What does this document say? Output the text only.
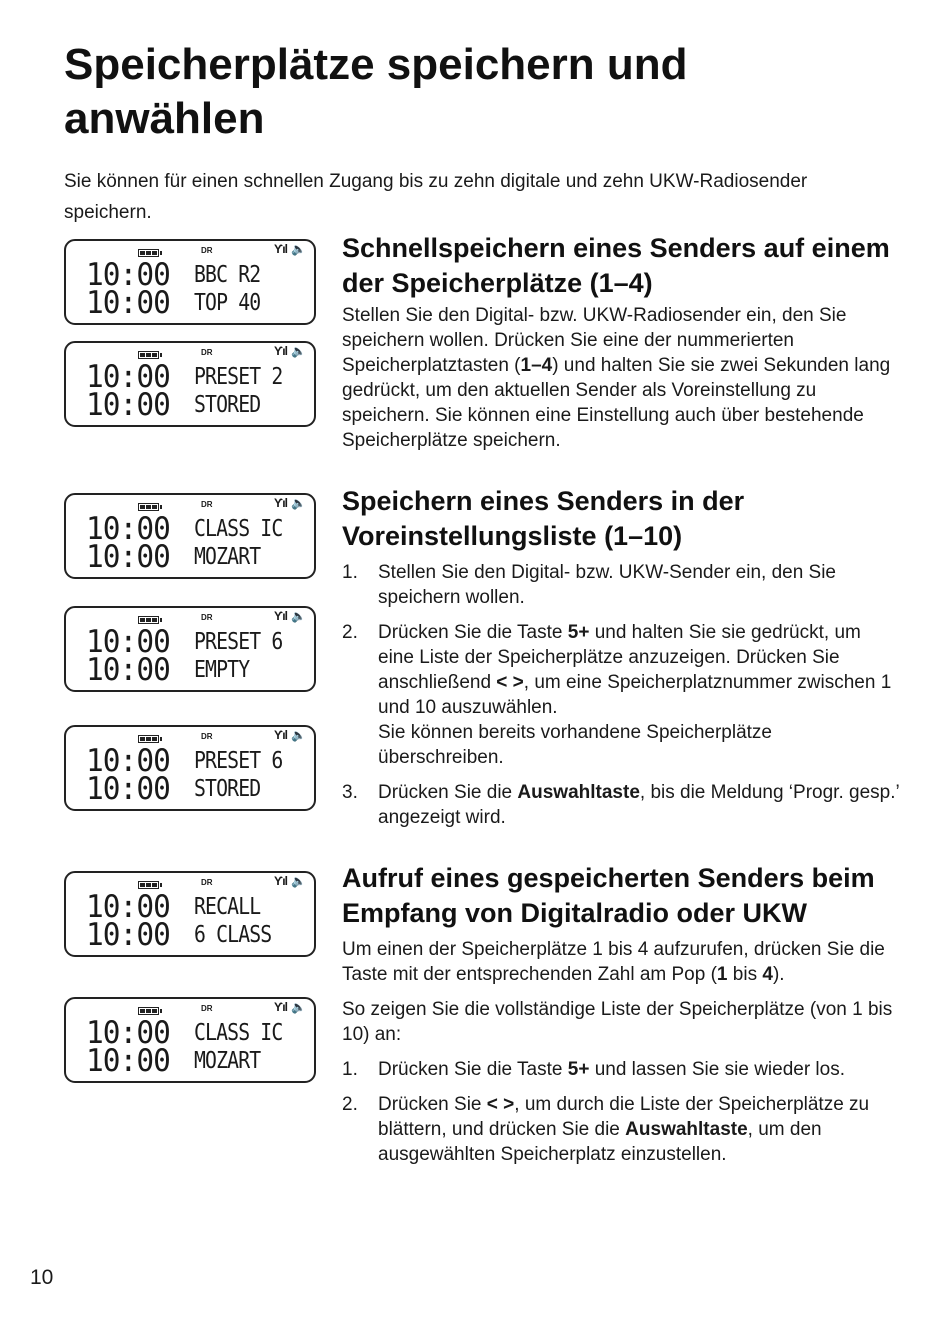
Speicherplätze speichern und anwählen

Sie können für einen schnellen Zugang bis zu zehn digitale und zehn UKW-Radiosender speichern.

DR	Ƴıl 🔈
10:00
10:00
BBC R2
TOP 40
DR	Ƴıl 🔈
10:00
10:00
PRESET 2
STORED
DR	Ƴıl 🔈
10:00
10:00
CLASS IC
MOZART
DR	Ƴıl 🔈
10:00
10:00
PRESET 6
EMPTY
DR	Ƴıl 🔈
10:00
10:00
PRESET 6
STORED
DR	Ƴıl 🔈
10:00
10:00
RECALL
6 CLASS
DR	Ƴıl 🔈
10:00
10:00
CLASS IC
MOZART
Schnellspeichern eines Senders auf einem der Speicherplätze (1–4)

Stellen Sie den Digital- bzw. UKW-Radiosender ein, den Sie speichern wollen. Drücken Sie eine der nummerierten Speicherplatztasten (1–4) und halten Sie sie zwei Sekunden lang gedrückt, um den aktuellen Sender als Voreinstellung zu speichern. Sie können eine Einstellung auch über bestehende Speicherplätze speichern.

Speichern eines Senders in der Voreinstellungsliste (1–10)
1. Stellen Sie den Digital- bzw. UKW-Sender ein, den Sie speichern wollen.
2. Drücken Sie die Taste 5+ und halten Sie sie gedrückt, um eine Liste der Speicherplätze anzuzeigen. Drücken Sie anschließend < >, um eine Speicherplatznummer zwischen 1 und 10 auszuwählen.
Sie können bereits vorhandene Speicherplätze überschreiben.
3. Drücken Sie die Auswahltaste, bis die Meldung ‘Progr. gesp.’ angezeigt wird.
Aufruf eines gespeicherten Senders beim Empfang von Digitalradio oder UKW

Um einen der Speicherplätze 1 bis 4 aufzurufen, drücken Sie die Taste mit der entsprechenden Zahl am Pop (1 bis 4).

So zeigen Sie die vollständige Liste der Speicherplätze (von 1 bis 10) an:

1. Drücken Sie die Taste 5+ und lassen Sie sie wieder los.
2. Drücken Sie < >, um durch die Liste der Speicherplätze zu blättern, und drücken Sie die Auswahltaste, um den ausgewählten Speicherplatz einzustellen.
10
